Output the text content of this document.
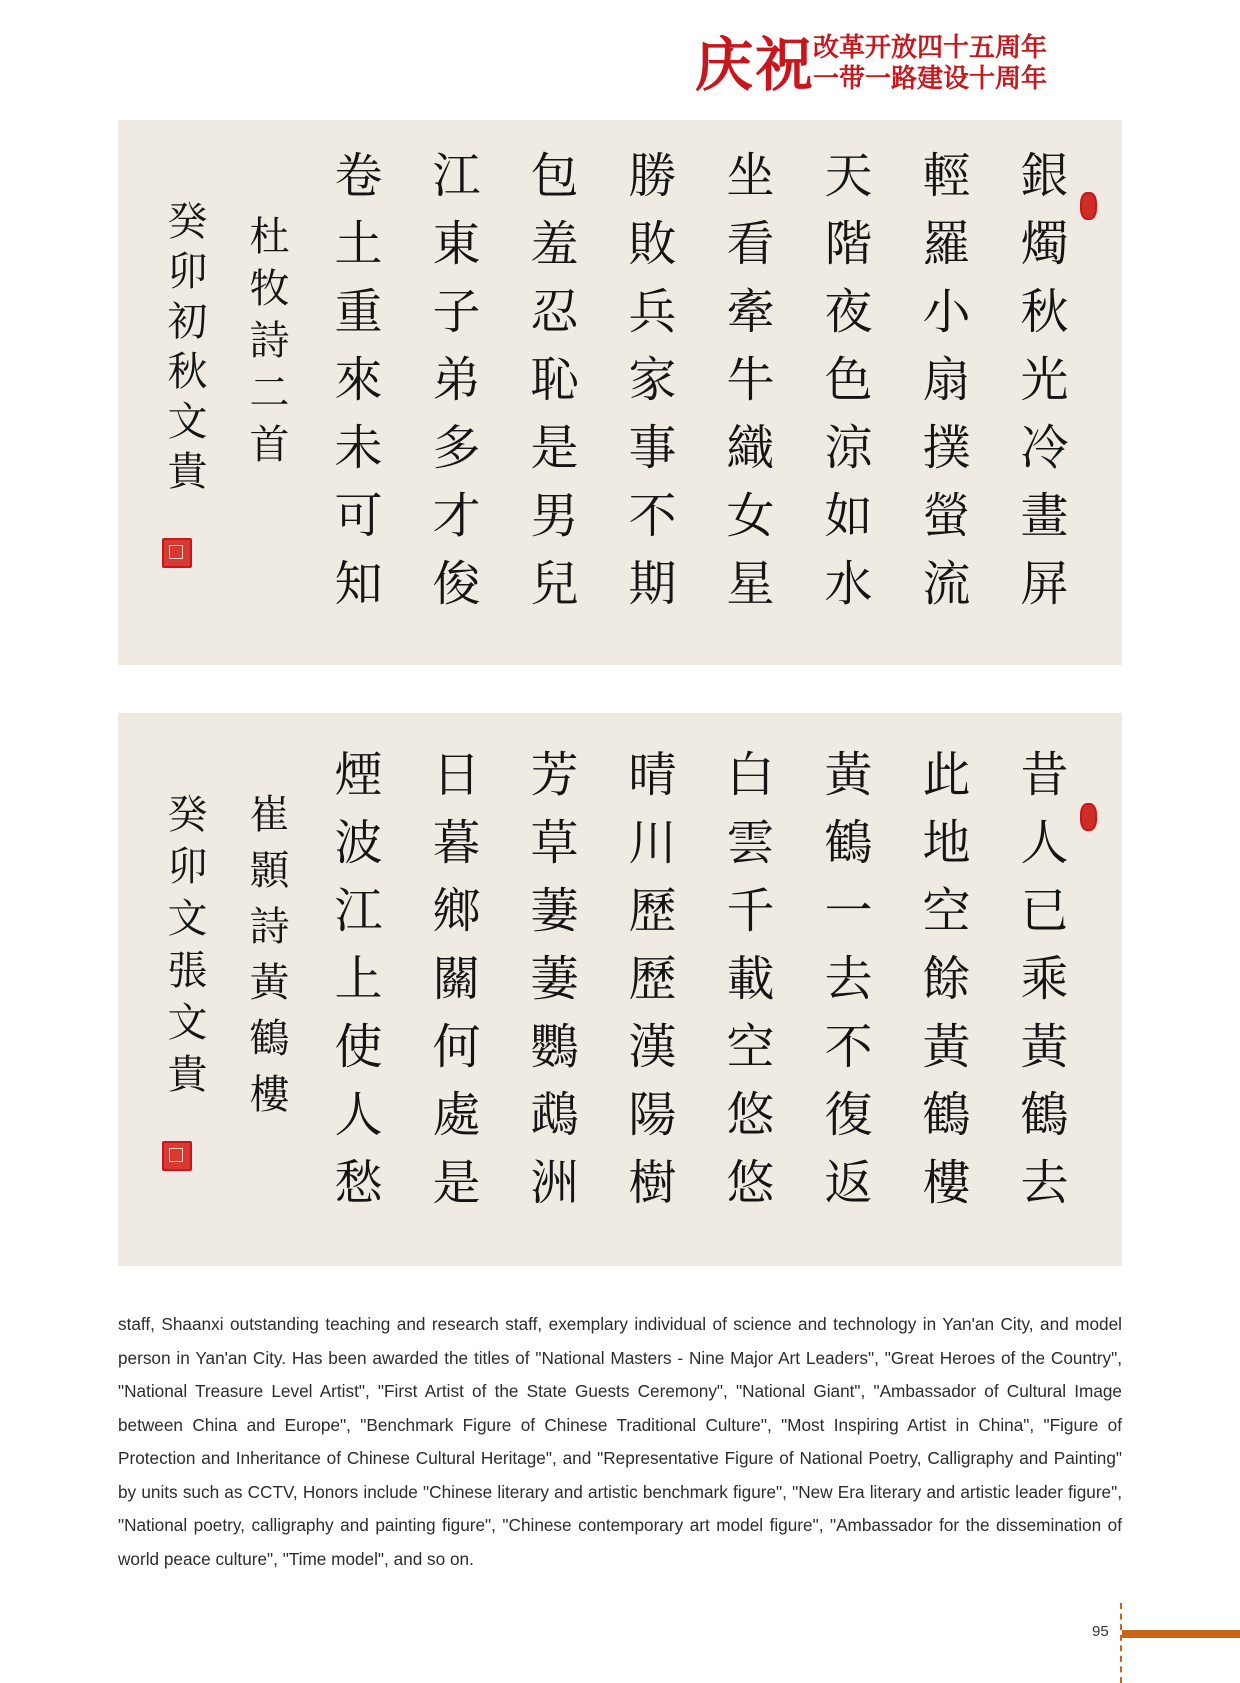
庆祝
改革开放四十五周年
一带一路建设十周年
銀燭秋光冷畫屏
輕羅小扇撲螢流
天階夜色涼如水
坐看牽牛織女星
勝敗兵家事不期
包羞忍恥是男兒
江東子弟多才俊
卷土重來未可知
杜牧詩二首
癸卯初秋文貴
昔人已乘黃鶴去
此地空餘黃鶴樓
黃鶴一去不復返
白雲千載空悠悠
晴川歷歷漢陽樹
芳草萋萋鸚鵡洲
日暮鄉關何處是
煙波江上使人愁
崔顥詩黃鶴樓
癸卯文張文貴
staff, Shaanxi outstanding teaching and research staff, exemplary individual of science and technology in Yan'an City, and model person in Yan'an City. Has been awarded the titles of "National Masters - Nine Major Art Leaders", "Great Heroes of the Country", "National Treasure Level Artist", "First Artist of the State Guests Ceremony", "National Giant", "Ambassador of Cultural Image between China and Europe", "Benchmark Figure of Chinese Traditional Culture", "Most Inspiring Artist in China", "Figure of Protection and Inheritance of Chinese Cultural Heritage", and "Representative Figure of National Poetry, Calligraphy and Painting" by units such as CCTV, Honors include "Chinese literary and artistic benchmark figure", "New Era literary and artistic leader figure", "National poetry, calligraphy and painting figure", "Chinese contemporary art model figure", "Ambassador for the dissemination of world peace culture", "Time model", and so on.
95
